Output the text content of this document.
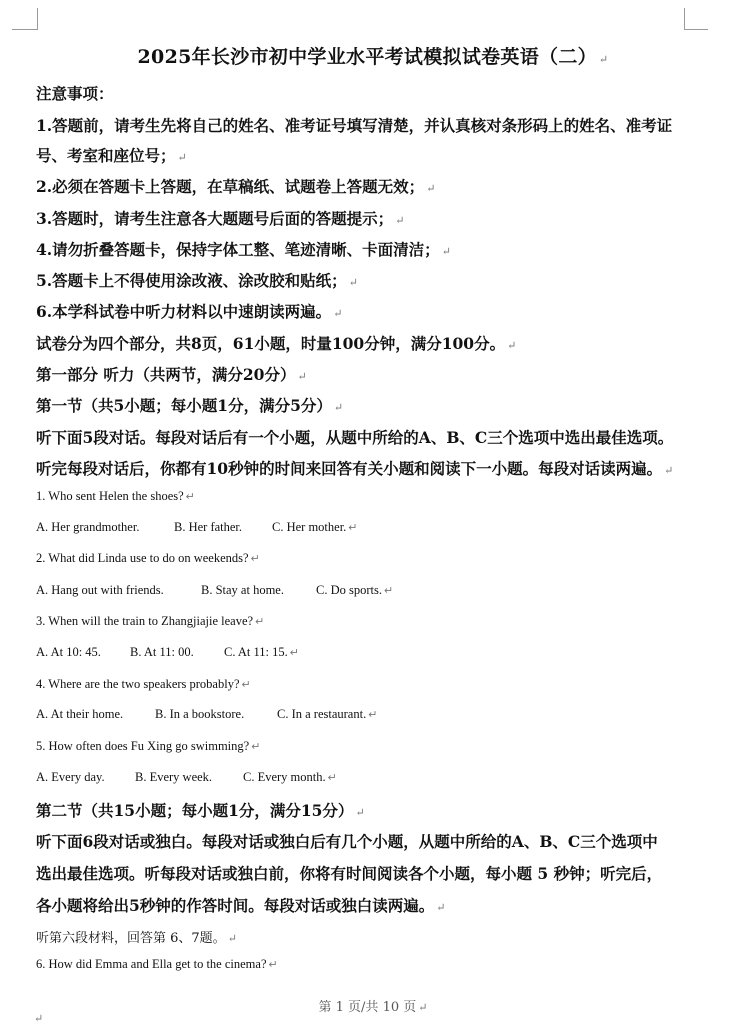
2025年长沙市初中学业水平考试模拟试卷英语（二） ↵
注意事项：
1.答题前，请考生先将自己的姓名、准考证号填写清楚，并认真核对条形码上的姓名、准考证
号、考室和座位号； ↵
2.必须在答题卡上答题，在草稿纸、试题卷上答题无效； ↵
3.答题时，请考生注意各大题题号后面的答题提示； ↵
4.请勿折叠答题卡，保持字体工整、笔迹清晰、卡面清洁； ↵
5.答题卡上不得使用涂改液、涂改胶和贴纸； ↵
6.本学科试卷中听力材料以中速朗读两遍。 ↵
试卷分为四个部分，共8页，61小题，时量100分钟，满分100分。 ↵
第一部分 听力（共两节，满分20分） ↵
第一节（共5小题；每小题1分，满分5分） ↵
听下面5段对话。每段对话后有一个小题，从题中所给的A、B、C三个选项中选出最佳选项。
听完每段对话后，你都有10秒钟的时间来回答有关小题和阅读下一小题。每段对话读两遍。 ↵
1. Who sent Helen the shoes? ↵
A. Her grandmother.	B. Her father. C. Her mother. ↵
2. What did Linda use to do on weekends? ↵
A. Hang out with friends.	B. Stay at home.	C. Do sports. ↵
3. When will the train to Zhangjiajie leave? ↵
A. At 10: 45. B. At 11: 00. C. At 11: 15. ↵
4. Where are the two speakers probably? ↵
A. At their home.	B. In a bookstore.	C. In a restaurant. ↵
5. How often does Fu Xing go swimming? ↵
A. Every day. B. Every week. C. Every month. ↵
第二节（共15小题；每小题1分，满分15分） ↵
听下面6段对话或独白。每段对话或独白后有几个小题，从题中所给的A、B、C三个选项中
选出最佳选项。听每段对话或独白前，你将有时间阅读各个小题，每小题 5 秒钟；听完后，
各小题将给出5秒钟的作答时间。每段对话或独白读两遍。 ↵
听第六段材料，回答第 6、7题。 ↵
6. How did Emma and Ella get to the cinema? ↵
第 1 页/共 10 页 ↵
↵
